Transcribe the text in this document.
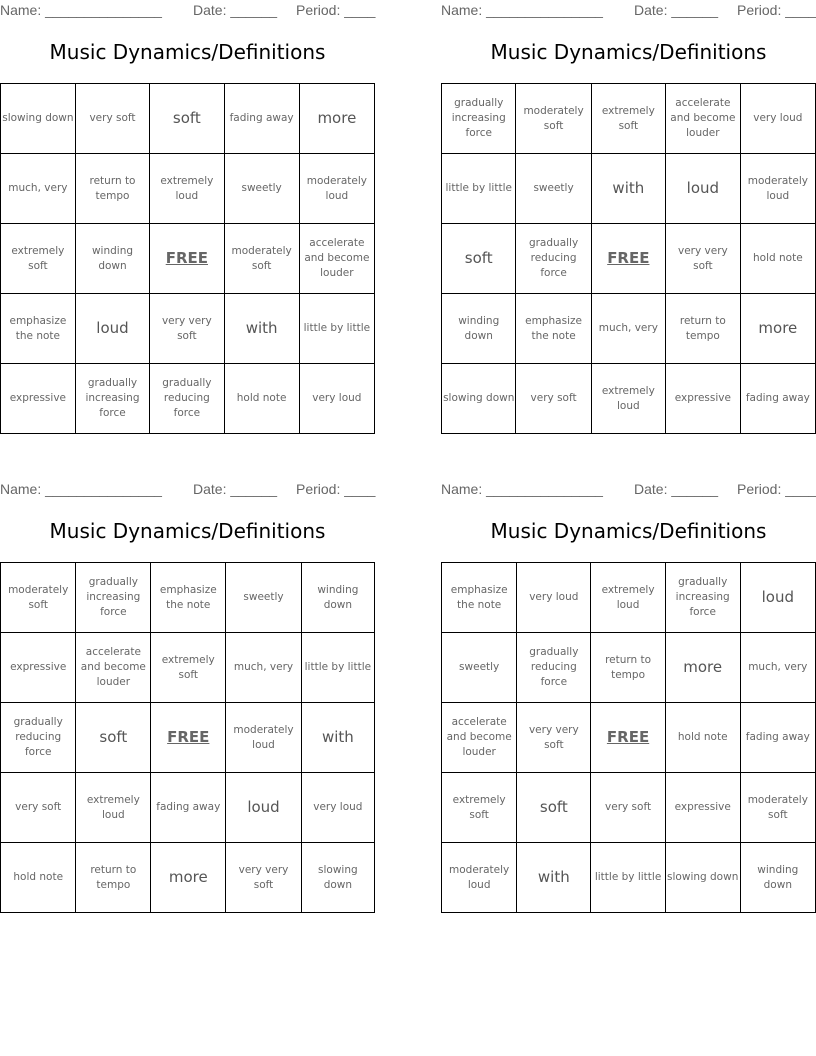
Name: _______________ Date: ______ Period: ____
Music Dynamics/Definitions
slowing down	very soft	soft	fading away	more
much, very	return to tempo	extremely loud	sweetly	moderately loud
extremely soft	winding down	FREE	moderately soft	accelerate and become louder
emphasize the note	loud	very very soft	with	little by little
expressive	gradually increasing force	gradually reducing force	hold note	very loud
Name: _______________ Date: ______ Period: ____
Music Dynamics/Definitions
gradually increasing force	moderately soft	extremely soft	accelerate and become louder	very loud
little by little	sweetly	with	loud	moderately loud
soft	gradually reducing force	FREE	very very soft	hold note
winding down	emphasize the note	much, very	return to tempo	more
slowing down	very soft	extremely loud	expressive	fading away
Name: _______________ Date: ______ Period: ____
Music Dynamics/Definitions
moderately soft	gradually increasing force	emphasize the note	sweetly	winding down
expressive	accelerate and become louder	extremely soft	much, very	little by little
gradually reducing force	soft	FREE	moderately loud	with
very soft	extremely loud	fading away	loud	very loud
hold note	return to tempo	more	very very soft	slowing down
Name: _______________ Date: ______ Period: ____
Music Dynamics/Definitions
emphasize the note	very loud	extremely loud	gradually increasing force	loud
sweetly	gradually reducing force	return to tempo	more	much, very
accelerate and become louder	very very soft	FREE	hold note	fading away
extremely soft	soft	very soft	expressive	moderately soft
moderately loud	with	little by little	slowing down	winding down
